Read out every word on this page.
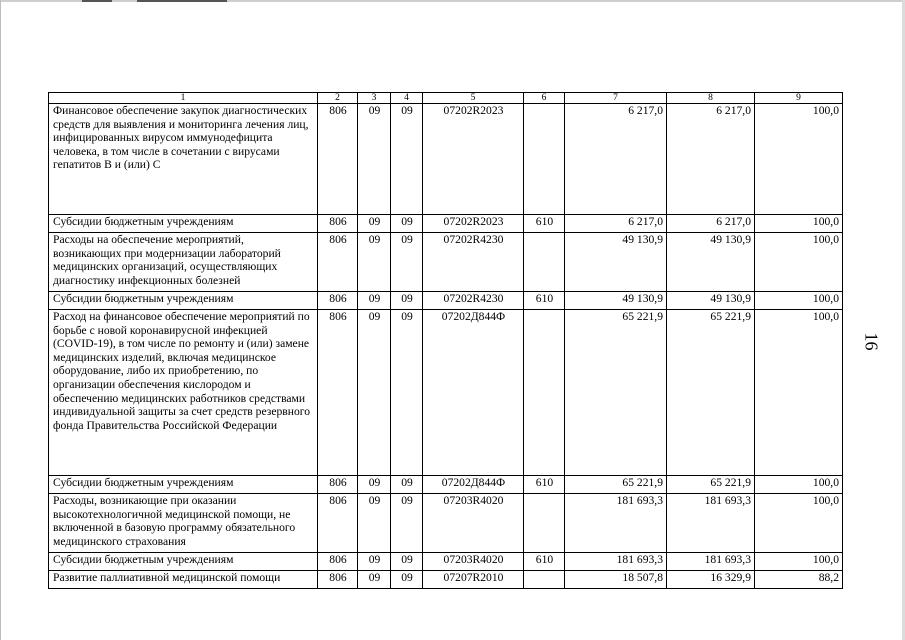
1	2	3	4	5	6	7	8	9
Финансовое обеспечение закупок диагностических средств для выявления и мониторинга лечения лиц, инфицированных вирусом иммунодефицита человека, в том числе в сочетании с вирусами гепатитов В и (или) С	806	09	09	07202R2023		6 217,0	6 217,0	100,0
Субсидии бюджетным учреждениям	806	09	09	07202R2023	610	6 217,0	6 217,0	100,0
Расходы на обеспечение мероприятий, возникающих при модернизации лабораторий медицинских организаций, осуществляющих диагностику инфекционных болезней	806	09	09	07202R4230		49 130,9	49 130,9	100,0
Субсидии бюджетным учреждениям	806	09	09	07202R4230	610	49 130,9	49 130,9	100,0
Расход на финансовое обеспечение мероприятий по борьбе с новой коронавирусной инфекцией (COVID-19), в том числе по ремонту и (или) замене медицинских изделий, включая медицинское оборудование, либо их приобретению, по организации обеспечения кислородом и обеспечению медицинских работников средствами индивидуальной защиты за счет средств резервного фонда Правительства Российской Федерации	806	09	09	07202Д844Ф		65 221,9	65 221,9	100,0
Субсидии бюджетным учреждениям	806	09	09	07202Д844Ф	610	65 221,9	65 221,9	100,0
Расходы, возникающие при оказании высокотехнологичной медицинской помощи, не включенной в базовую программу обязательного медицинского страхования	806	09	09	07203R4020		181 693,3	181 693,3	100,0
Субсидии бюджетным учреждениям	806	09	09	07203R4020	610	181 693,3	181 693,3	100,0
Развитие паллиативной медицинской помощи	806	09	09	07207R2010		18 507,8	16 329,9	88,2
16
